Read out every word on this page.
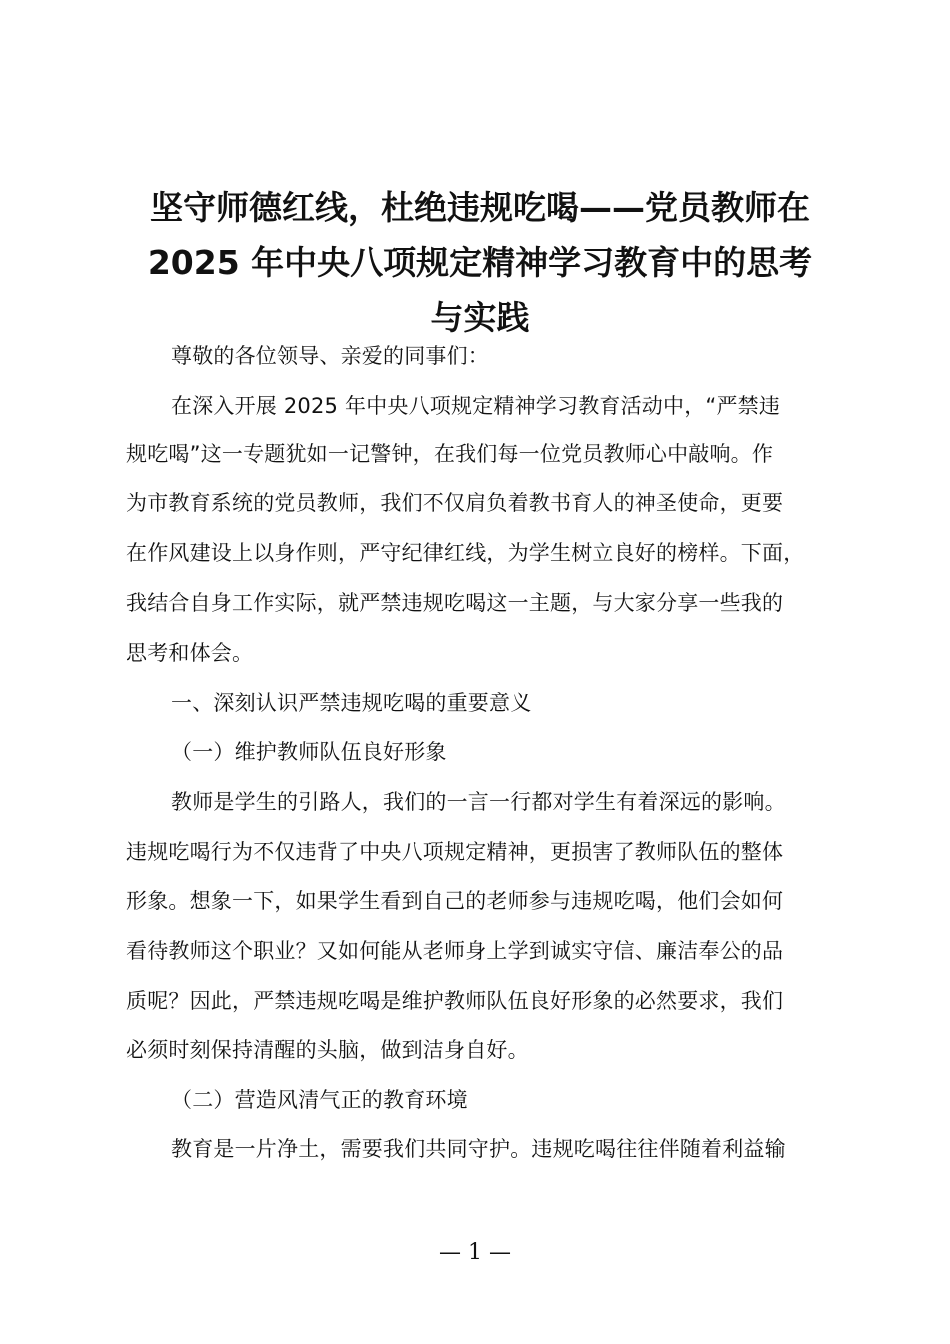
坚守师德红线，杜绝违规吃喝——党员教师在
2025 年中央八项规定精神学习教育中的思考
与实践

尊敬的各位领导、亲爱的同事们：

在深入开展 2025 年中央八项规定精神学习教育活动中，“严禁违

规吃喝”这一专题犹如一记警钟，在我们每一位党员教师心中敲响。作

为市教育系统的党员教师，我们不仅肩负着教书育人的神圣使命，更要

在作风建设上以身作则，严守纪律红线，为学生树立良好的榜样。下面，

我结合自身工作实际，就严禁违规吃喝这一主题，与大家分享一些我的

思考和体会。

一、深刻认识严禁违规吃喝的重要意义

（一）维护教师队伍良好形象

教师是学生的引路人，我们的一言一行都对学生有着深远的影响。

违规吃喝行为不仅违背了中央八项规定精神，更损害了教师队伍的整体

形象。想象一下，如果学生看到自己的老师参与违规吃喝，他们会如何

看待教师这个职业？又如何能从老师身上学到诚实守信、廉洁奉公的品

质呢？因此，严禁违规吃喝是维护教师队伍良好形象的必然要求，我们

必须时刻保持清醒的头脑，做到洁身自好。

（二）营造风清气正的教育环境

教育是一片净土，需要我们共同守护。违规吃喝往往伴随着利益输

— 1 —
